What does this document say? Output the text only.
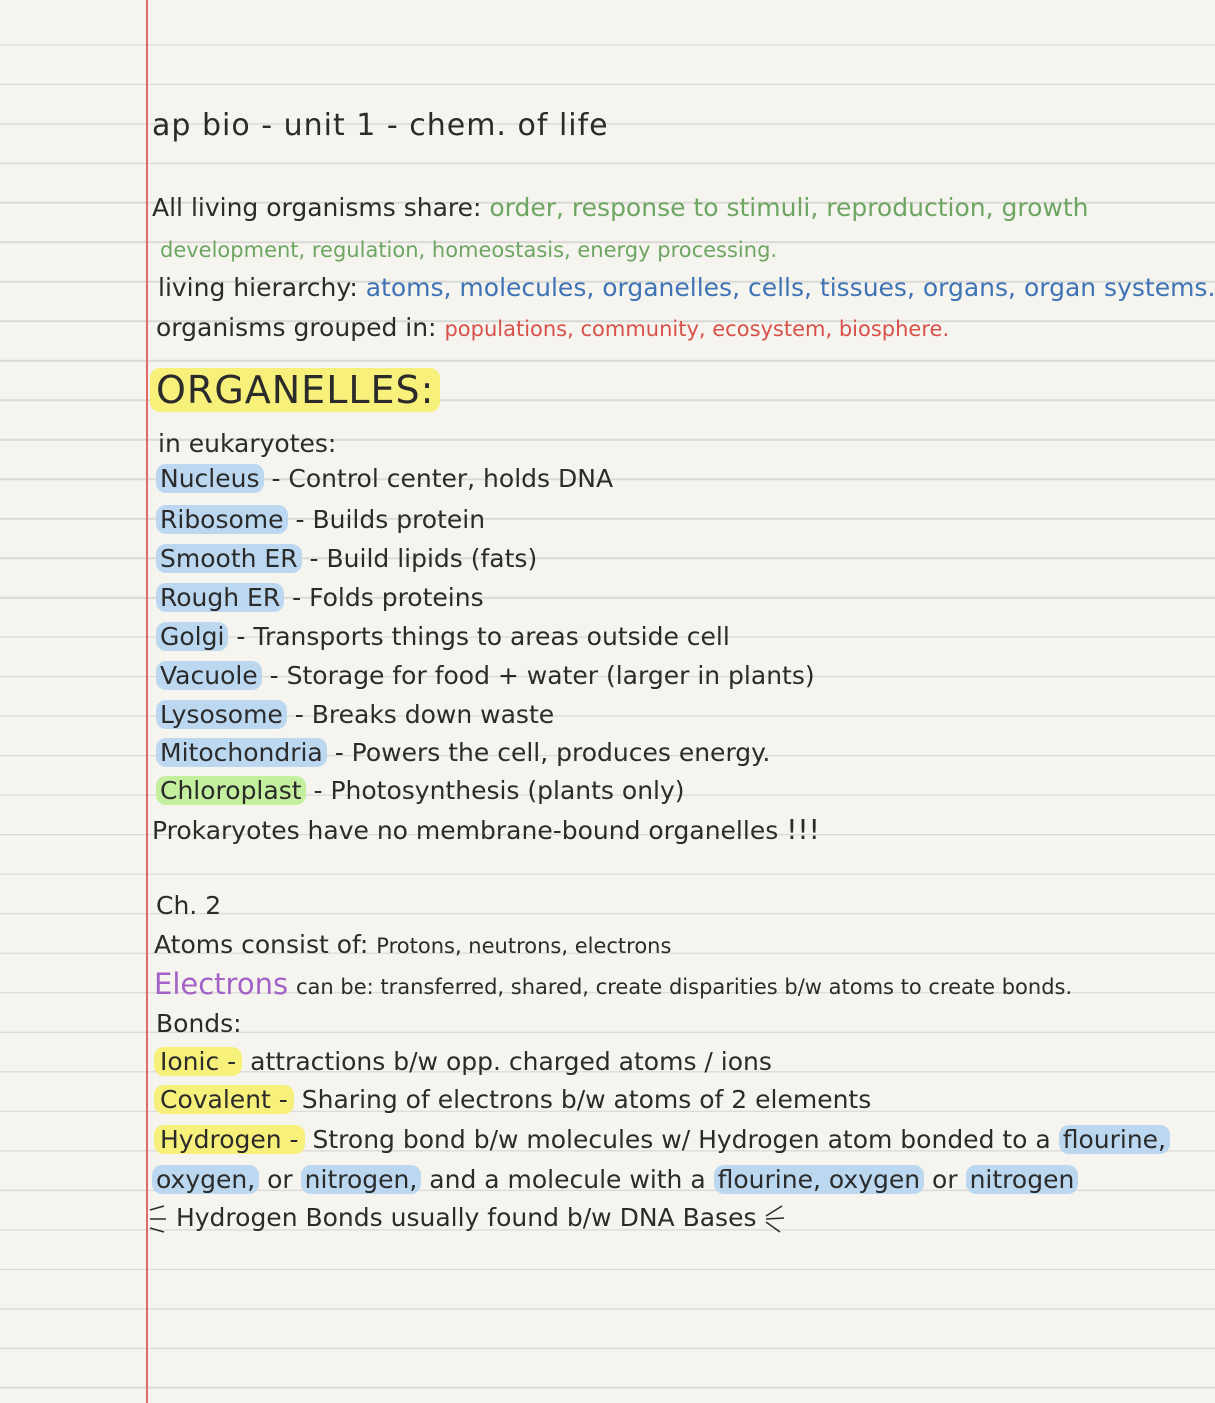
ap bio - unit 1 - chem. of life
All living organisms share: order, response to stimuli, reproduction, growth
development, regulation, homeostasis, energy processing.
living hierarchy: atoms, molecules, organelles, cells, tissues, organs, organ systems.
organisms grouped in: populations, community, ecosystem, biosphere.
ORGANELLES:
in eukaryotes:
Nucleus - Control center, holds DNA
Ribosome - Builds protein
Smooth ER - Build lipids (fats)
Rough ER - Folds proteins
Golgi - Transports things to areas outside cell
Vacuole - Storage for food + water (larger in plants)
Lysosome - Breaks down waste
Mitochondria - Powers the cell, produces energy.
Chloroplast - Photosynthesis (plants only)
Prokaryotes have no membrane-bound organelles !!!
Ch. 2
Atoms consist of: Protons, neutrons, electrons
Electrons can be: transferred, shared, create disparities b/w atoms to create bonds.
Bonds:
Ionic - attractions b/w opp. charged atoms / ions
Covalent - Sharing of electrons b/w atoms of 2 elements
Hydrogen - Strong bond b/w molecules w/ Hydrogen atom bonded to a flourine,
oxygen, or nitrogen, and a molecule with a flourine, oxygen or nitrogen
Hydrogen Bonds usually found b/w DNA Bases
